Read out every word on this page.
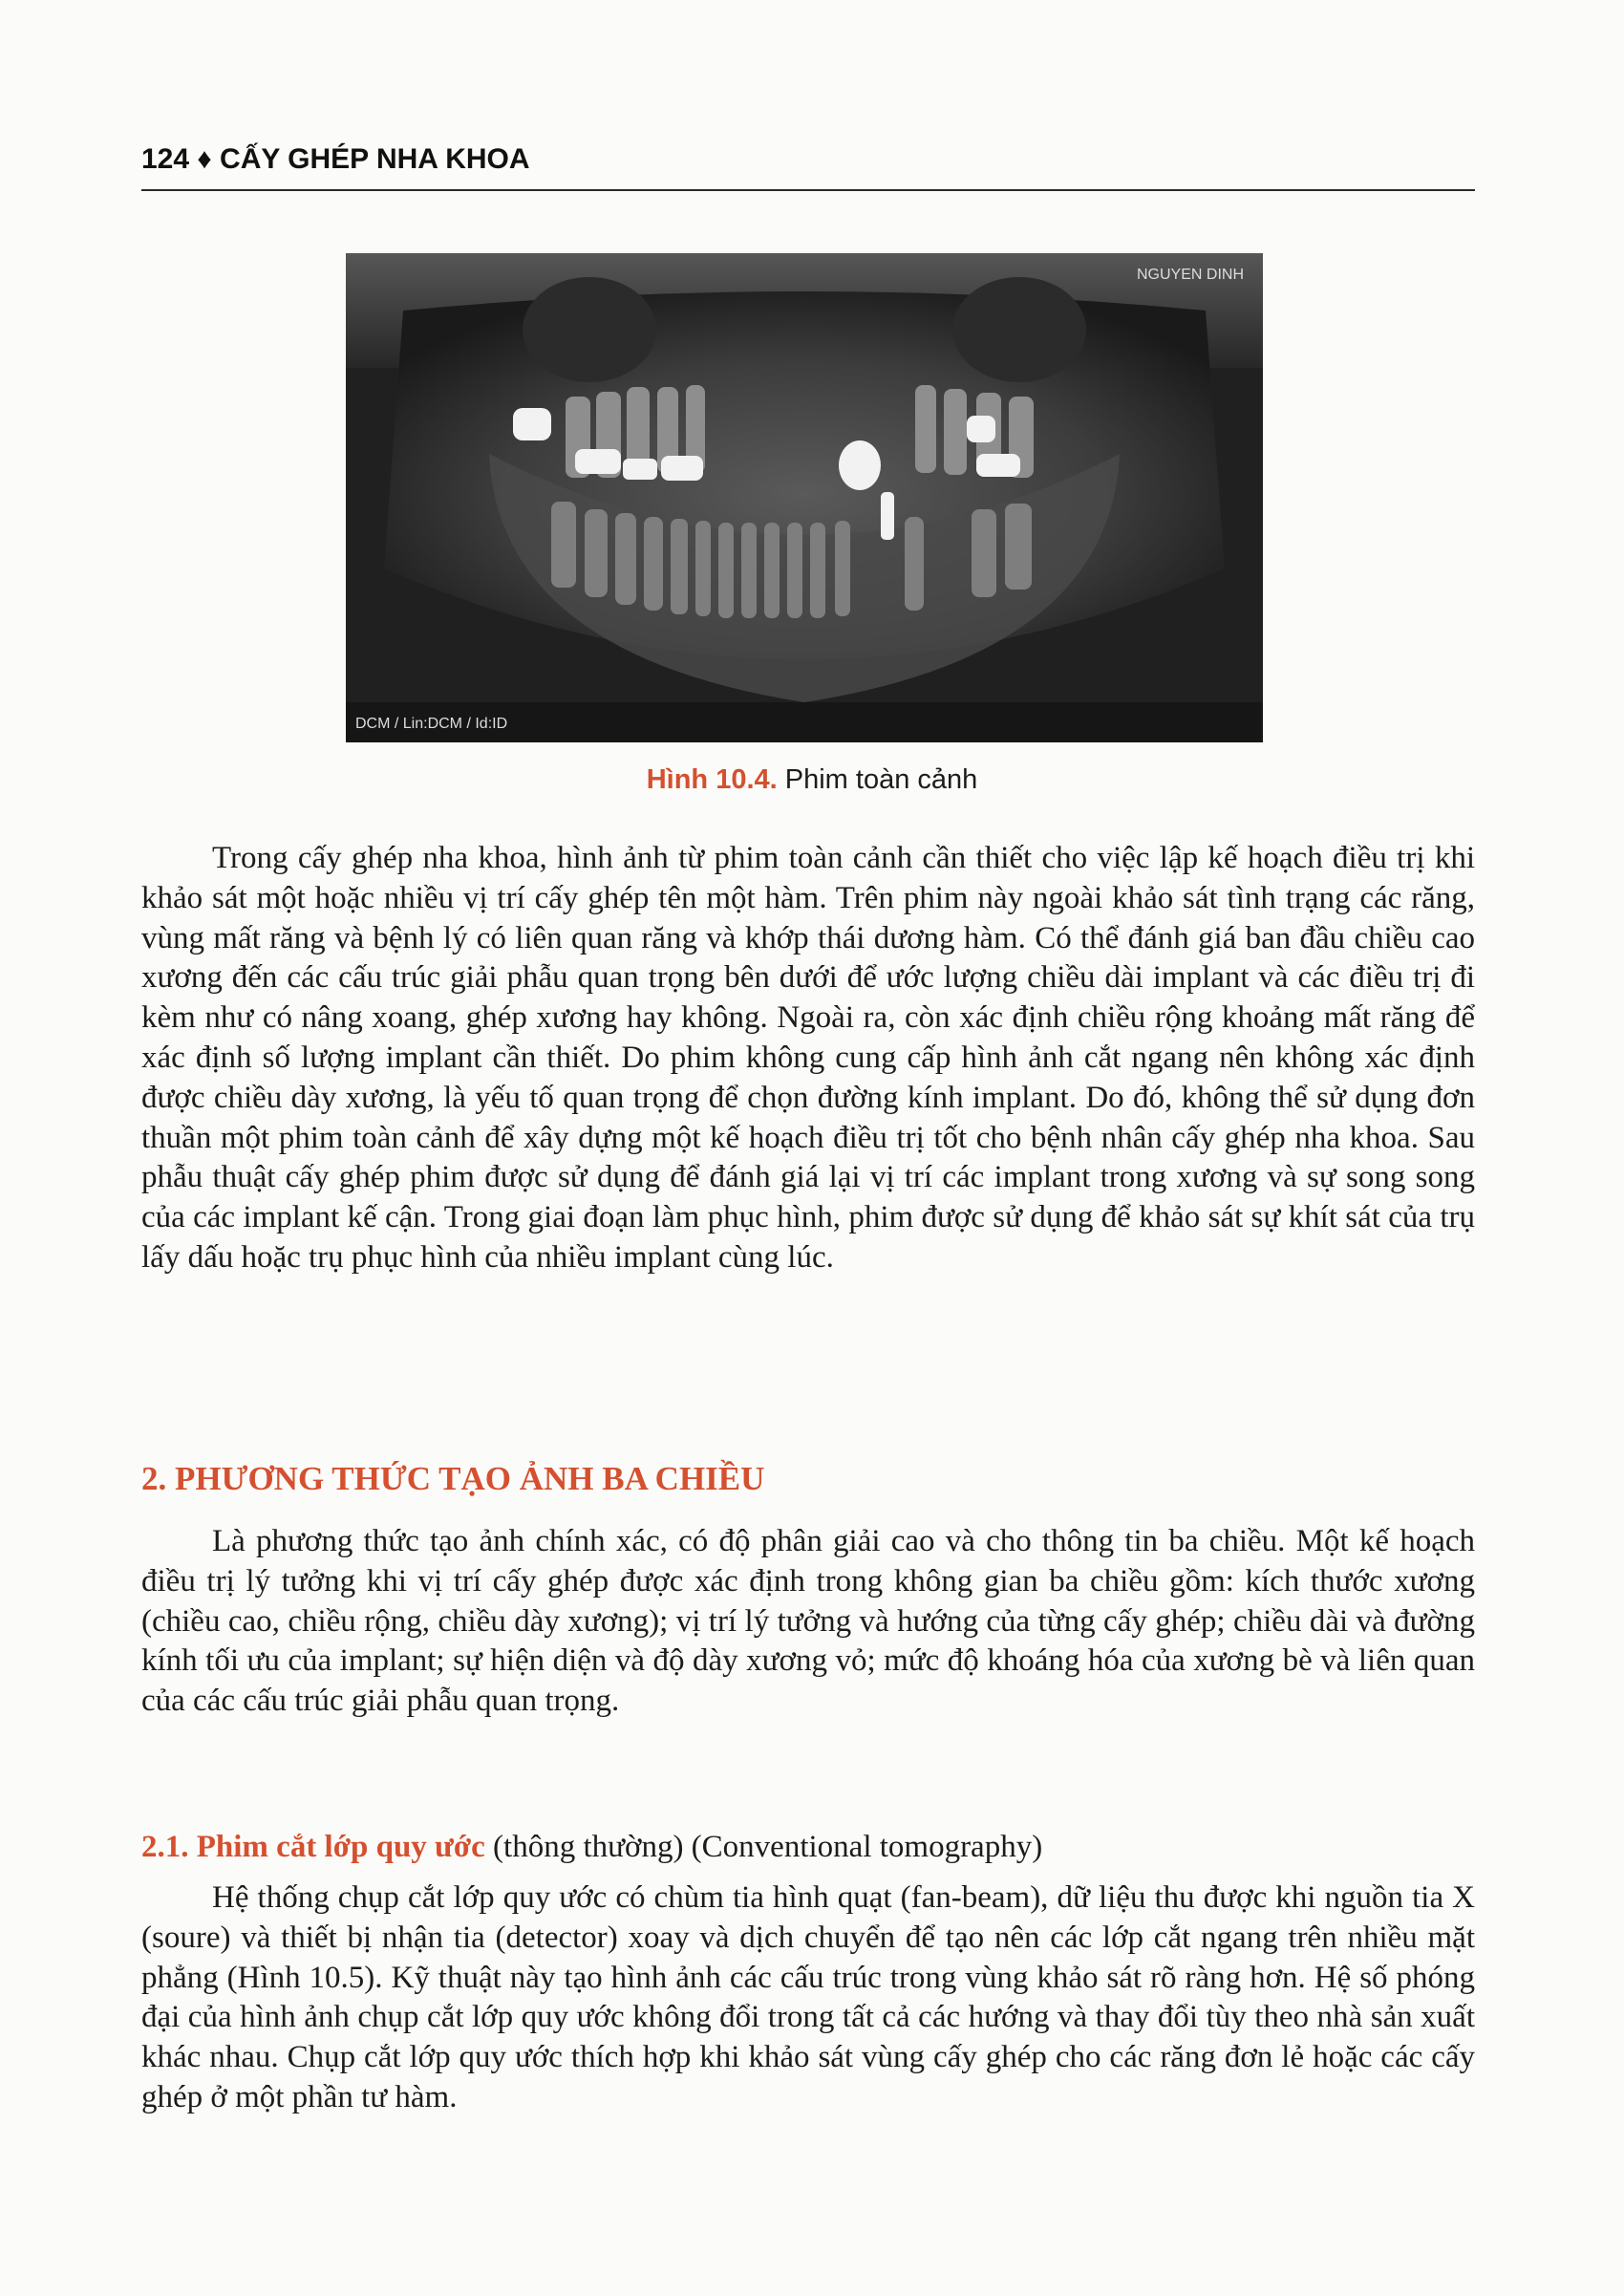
124 ♦ CẤY GHÉP NHA KHOA
NGUYEN DINH
DCM / Lin:DCM / Id:ID
Hình 10.4. Phim toàn cảnh

Trong cấy ghép nha khoa, hình ảnh từ phim toàn cảnh cần thiết cho việc lập kế hoạch điều trị khi khảo sát một hoặc nhiều vị trí cấy ghép tên một hàm. Trên phim này ngoài khảo sát tình trạng các răng, vùng mất răng và bệnh lý có liên quan răng và khớp thái dương hàm. Có thể đánh giá ban đầu chiều cao xương đến các cấu trúc giải phẫu quan trọng bên dưới để ước lượng chiều dài implant và các điều trị đi kèm như có nâng xoang, ghép xương hay không. Ngoài ra, còn xác định chiều rộng khoảng mất răng để xác định số lượng implant cần thiết. Do phim không cung cấp hình ảnh cắt ngang nên không xác định được chiều dày xương, là yếu tố quan trọng để chọn đường kính implant. Do đó, không thể sử dụng đơn thuần một phim toàn cảnh để xây dựng một kế hoạch điều trị tốt cho bệnh nhân cấy ghép nha khoa. Sau phẫu thuật cấy ghép phim được sử dụng để đánh giá lại vị trí các implant trong xương và sự song song của các implant kế cận. Trong giai đoạn làm phục hình, phim được sử dụng để khảo sát sự khít sát của trụ lấy dấu hoặc trụ phục hình của nhiều implant cùng lúc.

2. PHƯƠNG THỨC TẠO ẢNH BA CHIỀU

Là phương thức tạo ảnh chính xác, có độ phân giải cao và cho thông tin ba chiều. Một kế hoạch điều trị lý tưởng khi vị trí cấy ghép được xác định trong không gian ba chiều gồm: kích thước xương (chiều cao, chiều rộng, chiều dày xương); vị trí lý tưởng và hướng của từng cấy ghép; chiều dài và đường kính tối ưu của implant; sự hiện diện và độ dày xương vỏ; mức độ khoáng hóa của xương bè và liên quan của các cấu trúc giải phẫu quan trọng.

2.1. Phim cắt lớp quy ước (thông thường) (Conventional tomography)

Hệ thống chụp cắt lớp quy ước có chùm tia hình quạt (fan-beam), dữ liệu thu được khi nguồn tia X (soure) và thiết bị nhận tia (detector) xoay và dịch chuyển để tạo nên các lớp cắt ngang trên nhiều mặt phẳng (Hình 10.5). Kỹ thuật này tạo hình ảnh các cấu trúc trong vùng khảo sát rõ ràng hơn. Hệ số phóng đại của hình ảnh chụp cắt lớp quy ước không đổi trong tất cả các hướng và thay đổi tùy theo nhà sản xuất khác nhau. Chụp cắt lớp quy ước thích hợp khi khảo sát vùng cấy ghép cho các răng đơn lẻ hoặc các cấy ghép ở một phần tư hàm.
